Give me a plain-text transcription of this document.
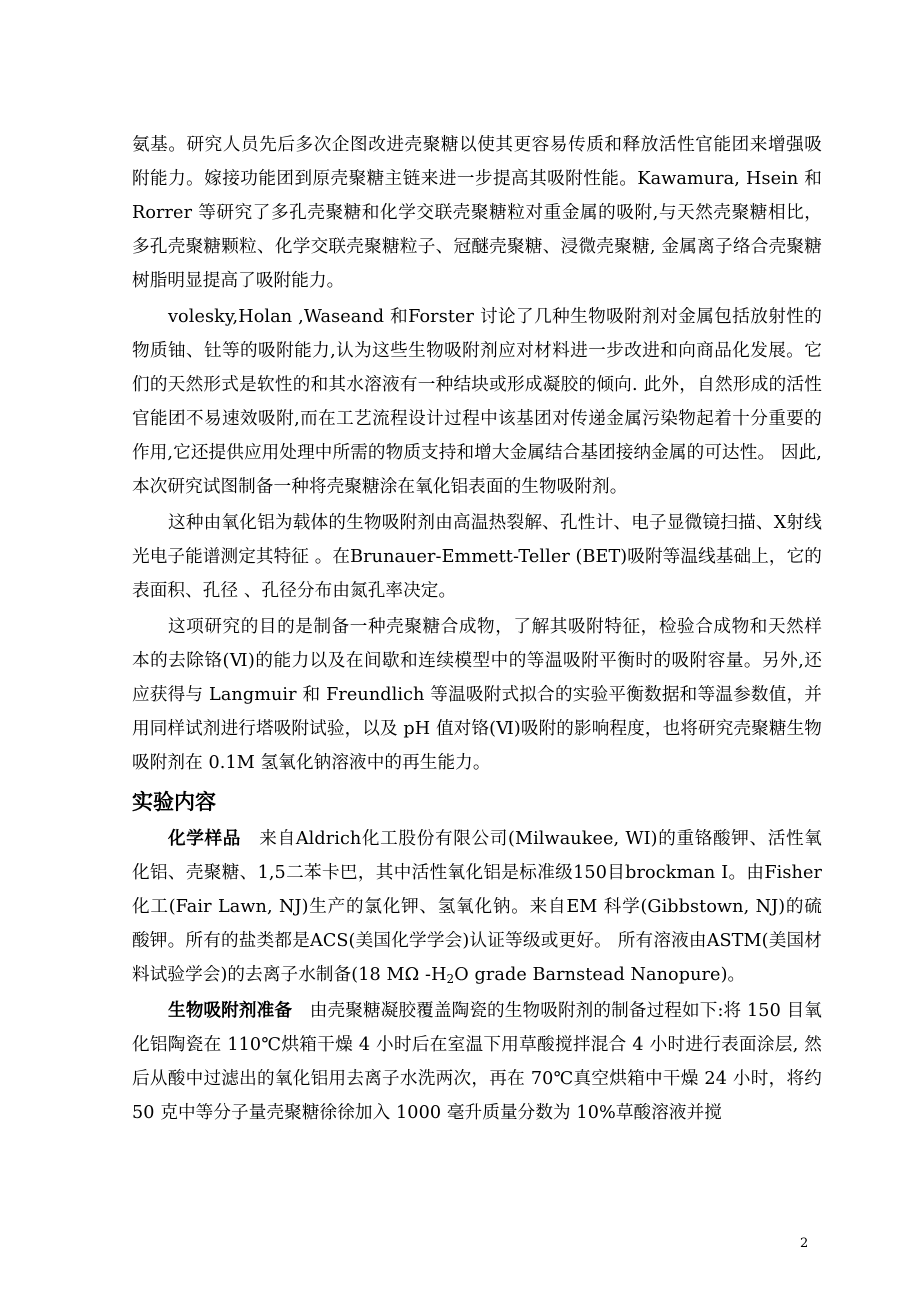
氨基。研究人员先后多次企图改进壳聚糖以使其更容易传质和释放活性官能团来增强吸附能力。嫁接功能团到原壳聚糖主链来进一步提高其吸附性能。Kawamura, Hsein 和 Rorrer 等研究了多孔壳聚糖和化学交联壳聚糖粒对重金属的吸附,与天然壳聚糖相比，多孔壳聚糖颗粒、化学交联壳聚糖粒子、冠醚壳聚糖、浸微壳聚糖, 金属离子络合壳聚糖树脂明显提高了吸附能力。

volesky,Holan ,Waseand 和Forster 讨论了几种生物吸附剂对金属包括放射性的物质铀、钍等的吸附能力,认为这些生物吸附剂应对材料进一步改进和向商品化发展。它们的天然形式是软性的和其水溶液有一种结块或形成凝胶的倾向. 此外，自然形成的活性官能团不易速效吸附,而在工艺流程设计过程中该基团对传递金属污染物起着十分重要的作用,它还提供应用处理中所需的物质支持和增大金属结合基团接纳金属的可达性。 因此,本次研究试图制备一种将壳聚糖涂在氧化铝表面的生物吸附剂。

这种由氧化铝为载体的生物吸附剂由高温热裂解、孔性计、电子显微镜扫描、X射线光电子能谱测定其特征 。在Brunauer-Emmett-Teller (BET)吸附等温线基础上，它的表面积、孔径 、孔径分布由氮孔率决定。

这项研究的目的是制备一种壳聚糖合成物，了解其吸附特征，检验合成物和天然样本的去除铬(Ⅵ)的能力以及在间歇和连续模型中的等温吸附平衡时的吸附容量。另外,还应获得与 Langmuir 和 Freundlich 等温吸附式拟合的实验平衡数据和等温参数值，并用同样试剂进行塔吸附试验，以及 pH 值对铬(Ⅵ)吸附的影响程度，也将研究壳聚糖生物吸附剂在 0.1M 氢氧化钠溶液中的再生能力。

实验内容

化学样品　来自Aldrich化工股份有限公司(Milwaukee, WI)的重铬酸钾、活性氧化铝、壳聚糖、1,5二苯卡巴，其中活性氧化铝是标准级150目brockman I。由Fisher 化工(Fair Lawn, NJ)生产的氯化钾、氢氧化钠。来自EM 科学(Gibbstown, NJ)的硫酸钾。所有的盐类都是ACS(美国化学学会)认证等级或更好。 所有溶液由ASTM(美国材料试验学会)的去离子水制备(18 MΩ $-H_2O$ grade Barnstead Nanopure)。

生物吸附剂准备　由壳聚糖凝胶覆盖陶瓷的生物吸附剂的制备过程如下:将 150 目氧化铝陶瓷在 110℃烘箱干燥 4 小时后在室温下用草酸搅拌混合 4 小时进行表面涂层, 然后从酸中过滤出的氧化铝用去离子水洗两次，再在 70℃真空烘箱中干燥 24 小时，将约 50 克中等分子量壳聚糖徐徐加入 1000 毫升质量分数为 10%草酸溶液并搅

2
